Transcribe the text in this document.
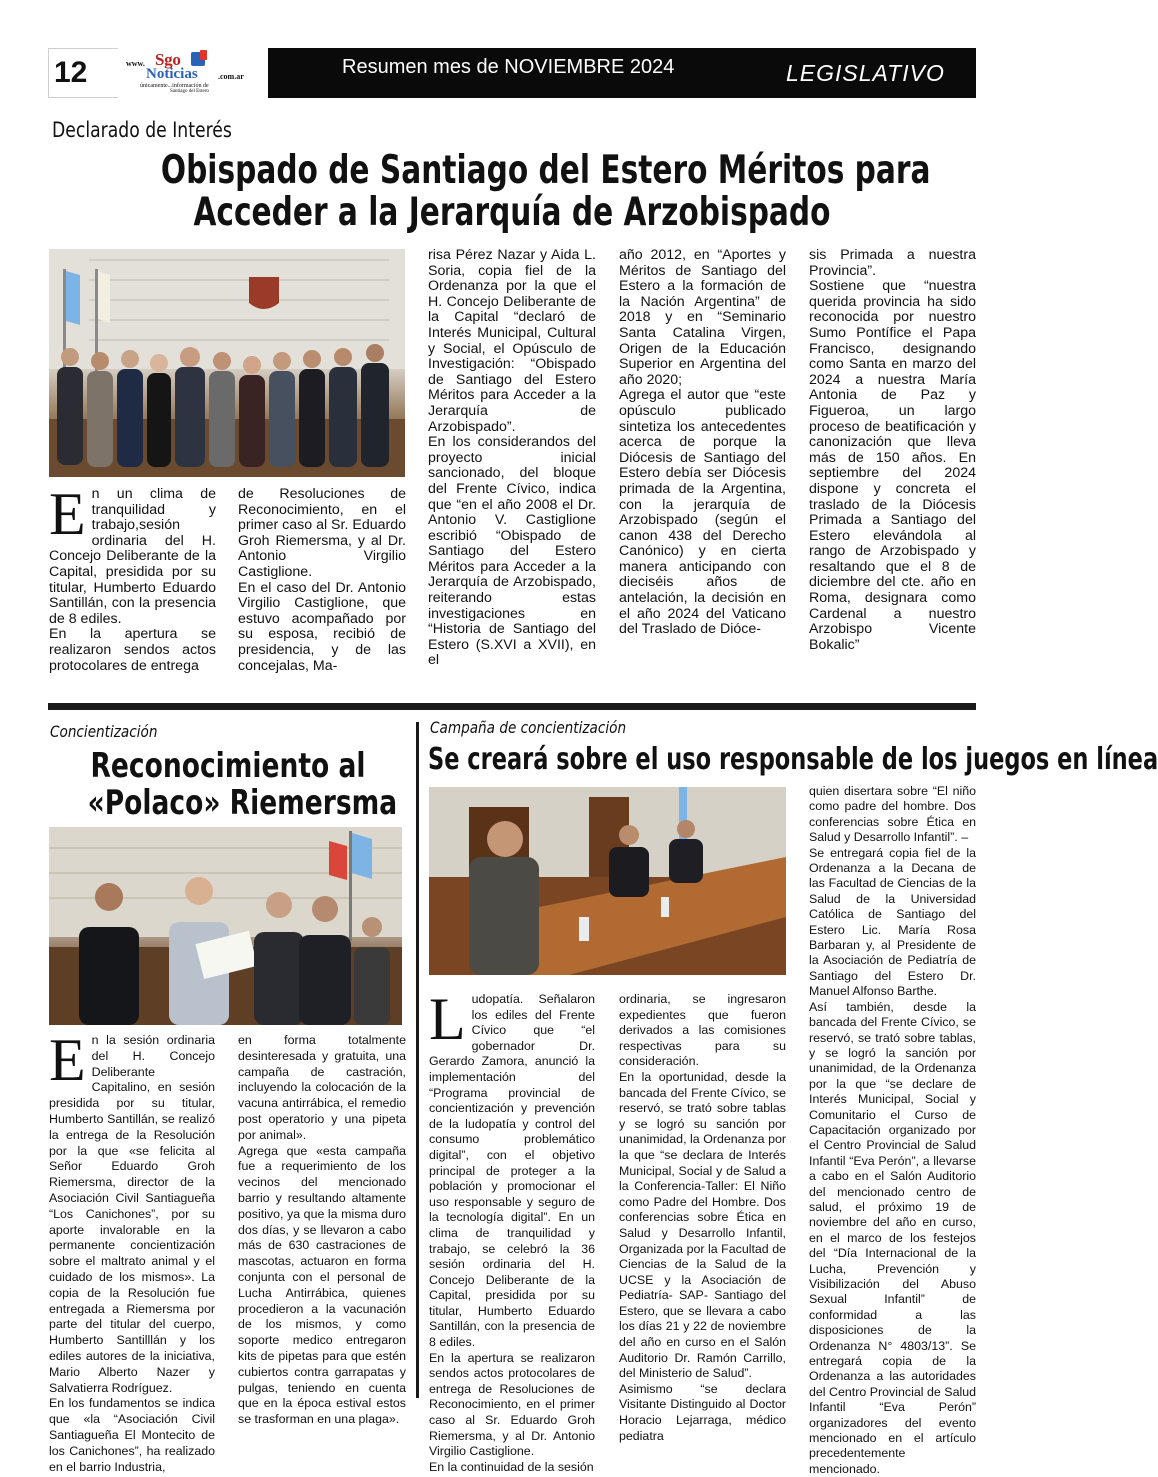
12	www. Sgo
Noticias	.com.ar
únicamente...información de
Santiago del Estero
Resumen mes de NOVIEMBRE 2024	LEGISLATIVO
Declarado de Interés
Obispado de Santiago del Estero Méritos para
Acceder a la Jerarquía de Arzobispado

En un clima de tranquilidad y trabajo,sesión ordinaria del H. Concejo Deliberante de la Capital, presidida por su titular, Humberto Eduardo Santillán, con la presencia de 8 ediles.

En la apertura se realizaron sendos actos protocolares de entrega

de Resoluciones de Reconocimiento, en el primer caso al Sr. Eduardo Groh Riemersma, y al Dr. Antonio Virgilio Castiglione.

En el caso del Dr. Antonio Virgilio Castiglione, que estuvo acompañado por su esposa, recibió de presidencia, y de las concejalas, Ma-

risa Pérez Nazar y Aida L. Soria, copia fiel de la Ordenanza por la que el H. Concejo Deliberante de la Capital “declaró de Interés Municipal, Cultural y Social, el Opúsculo de Investigación: “Obispado de Santiago del Estero Méritos para Acceder a la Jerarquía de Arzobispado”.

En los considerandos del proyecto inicial sancionado, del bloque del Frente Cívico, indica que “en el año 2008 el Dr. Antonio V. Castiglione escribió “Obispado de Santiago del Estero Méritos para Acceder a la Jerarquía de Arzobispado, reiterando estas investigaciones en “Historia de Santiago del Estero (S.XVI a XVII), en el

año 2012, en “Aportes y Méritos de Santiago del Estero a la formación de la Nación Argentina” de 2018 y en “Seminario Santa Catalina Virgen, Origen de la Educación Superior en Argentina del año 2020;

Agrega el autor que “este opúsculo publicado sintetiza los antecedentes acerca de porque la Diócesis de Santiago del Estero debía ser Diócesis primada de la Argentina, con la jerarquía de Arzobispado (según el canon 438 del Derecho Canónico) y en cierta manera anticipando con dieciséis años de antelación, la decisión en el año 2024 del Vaticano del Traslado de Dióce-

sis Primada a nuestra Provincia”.

Sostiene que “nuestra querida provincia ha sido reconocida por nuestro Sumo Pontífice el Papa Francisco, designando como Santa en marzo del 2024 a nuestra María Antonia de Paz y Figueroa, un largo proceso de beatificación y canonización que lleva más de 150 años. En septiembre del 2024 dispone y concreta el traslado de la Diócesis Primada a Santiago del Estero elevándola al rango de Arzobispado y resaltando que el 8 de diciembre del cte. año en Roma, designara como Cardenal a nuestro Arzobispo Vicente Bokalic”

Concientización
Reconocimiento al
«Polaco» Riemersma

En la sesión ordinaria del H. Concejo Deliberante Capitalino, en sesión presidida por su titular, Humberto Santillán, se realizó la entrega de la Resolución por la que «se felicita al Señor Eduardo Groh Riemersma, director de la Asociación Civil Santiagueña “Los Canichones”, por su aporte invalorable en la permanente concientización sobre el maltrato animal y el cuidado de los mismos». La copia de la Resolución fue entregada a Riemersma por parte del titular del cuerpo, Humberto Santilllán y los ediles autores de la iniciativa, Mario Alberto Nazer y Salvatierra Rodríguez.

En los fundamentos se indica que «la “Asociación Civil Santiagueña El Montecito de los Canichones”, ha realizado en el barrio Industria,

en forma totalmente desinteresada y gratuita, una campaña de castración, incluyendo la colocación de la vacuna antirrábica, el remedio post operatorio y una pipeta por animal».

Agrega que «esta campaña fue a requerimiento de los vecinos del mencionado barrio y resultando altamente positivo, ya que la misma duro dos días, y se llevaron a cabo más de 630 castraciones de mascotas, actuaron en forma conjunta con el personal de Lucha Antirrábica, quienes procedieron a la vacunación de los mismos, y como soporte medico entregaron kits de pipetas para que estén cubiertos contra garrapatas y pulgas, teniendo en cuenta que en la época estival estos se trasforman en una plaga».

Campaña de concientización
Se creará sobre el uso responsable de los juegos en línea

Ludopatía. Señalaron los ediles del Frente Cívico que “el gobernador Dr. Gerardo Zamora, anunció la implementación del “Programa provincial de concientización y prevención de la ludopatía y control del consumo problemático digital”, con el objetivo principal de proteger a la población y promocionar el uso responsable y seguro de la tecnología digital”. En un clima de tranquilidad y trabajo, se celebró la 36 sesión ordinaria del H. Concejo Deliberante de la Capital, presidida por su titular, Humberto Eduardo Santillán, con la presencia de 8 ediles.

En la apertura se realizaron sendos actos protocolares de entrega de Resoluciones de Reconocimiento, en el primer caso al Sr. Eduardo Groh Riemersma, y al Dr. Antonio Virgilio Castiglione.

En la continuidad de la sesión

ordinaria, se ingresaron expedientes que fueron derivados a las comisiones respectivas para su consideración.

En la oportunidad, desde la bancada del Frente Cívico, se reservó, se trató sobre tablas y se logró su sanción por unanimidad, la Ordenanza por la que “se declara de Interés Municipal, Social y de Salud a la Conferencia-Taller: El Niño como Padre del Hombre. Dos conferencias sobre Ética en Salud y Desarrollo Infantil, Organizada por la Facultad de Ciencias de la Salud de la UCSE y la Asociación de Pediatría- SAP- Santiago del Estero, que se llevara a cabo los días 21 y 22 de noviembre del año en curso en el Salón Auditorio Dr. Ramón Carrillo, del Ministerio de Salud”.

Asimismo “se declara Visitante Distinguido al Doctor Horacio Lejarraga, médico pediatra

quien disertara sobre “El niño como padre del hombre. Dos conferencias sobre Ética en Salud y Desarrollo Infantil”. –

Se entregará copia fiel de la Ordenanza a la Decana de las Facultad de Ciencias de la Salud de la Universidad Católica de Santiago del Estero Lic. María Rosa Barbaran y, al Presidente de la Asociación de Pediatría de Santiago del Estero Dr. Manuel Alfonso Barthe.

Así también, desde la bancada del Frente Cívico, se reservó, se trató sobre tablas, y se logró la sanción por unanimidad, de la Ordenanza por la que “se declare de Interés Municipal, Social y Comunitario el Curso de Capacitación organizado por el Centro Provincial de Salud Infantil “Eva Perón”, a llevarse a cabo en el Salón Auditorio del mencionado centro de salud, el próximo 19 de noviembre del año en curso, en el marco de los festejos del “Día Internacional de la Lucha, Prevención y Visibilización del Abuso Sexual Infantil” de conformidad a las disposiciones de la Ordenanza N° 4803/13”. Se entregará copia de la Ordenanza a las autoridades del Centro Provincial de Salud Infantil “Eva Perón” organizadores del evento mencionado en el artículo precedentemente mencionado.
